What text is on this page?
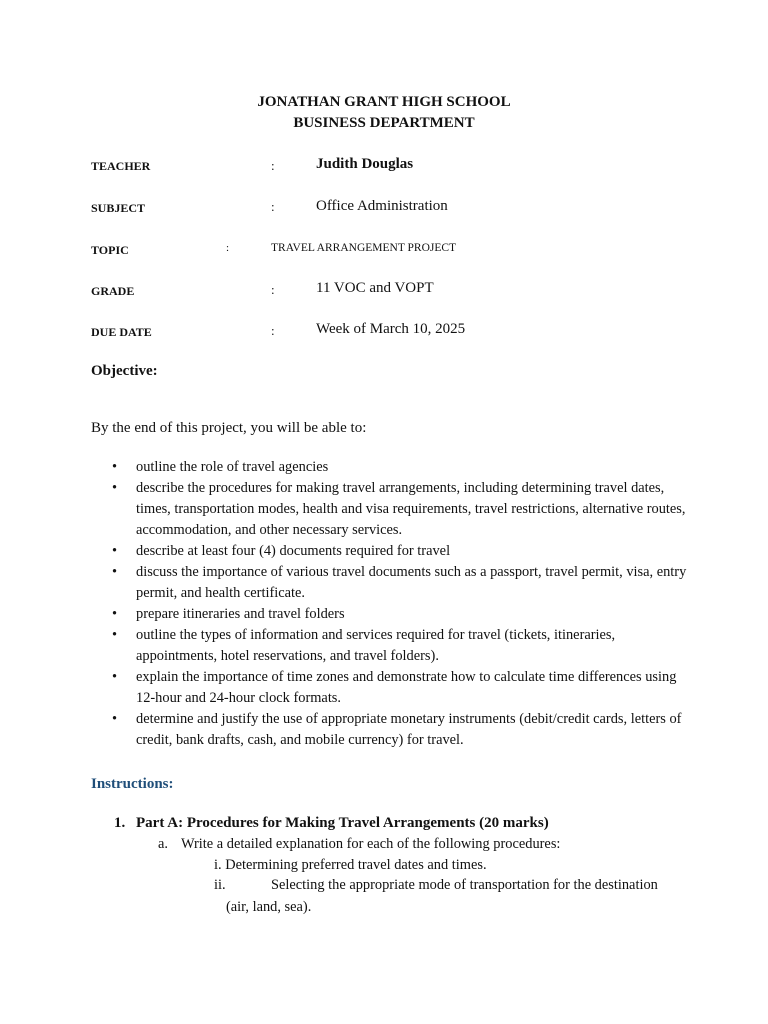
JONATHAN GRANT HIGH SCHOOL
BUSINESS DEPARTMENT
TEACHER	:	Judith Douglas
SUBJECT	:	Office Administration
TOPIC	:	TRAVEL ARRANGEMENT PROJECT
GRADE	:	11 VOC and VOPT
DUE DATE	:	Week of March 10, 2025
Objective:
By the end of this project, you will be able to:
• outline the role of travel agencies
• describe the procedures for making travel arrangements, including determining travel dates, times, transportation modes, health and visa requirements, travel restrictions, alternative routes, accommodation, and other necessary services.
• describe at least four (4) documents required for travel
• discuss the importance of various travel documents such as a passport, travel permit, visa, entry permit, and health certificate.
• prepare itineraries and travel folders
• outline the types of information and services required for travel (tickets, itineraries, appointments, hotel reservations, and travel folders).
• explain the importance of time zones and demonstrate how to calculate time differences using 12-hour and 24-hour clock formats.
• determine and justify the use of appropriate monetary instruments (debit/credit cards, letters of credit, bank drafts, cash, and mobile currency) for travel.
Instructions:
1. Part A: Procedures for Making Travel Arrangements (20 marks)
a. Write a detailed explanation for each of the following procedures:
i. Determining preferred travel dates and times.
ii.	Selecting the appropriate mode of transportation for the destination
(air, land, sea).
